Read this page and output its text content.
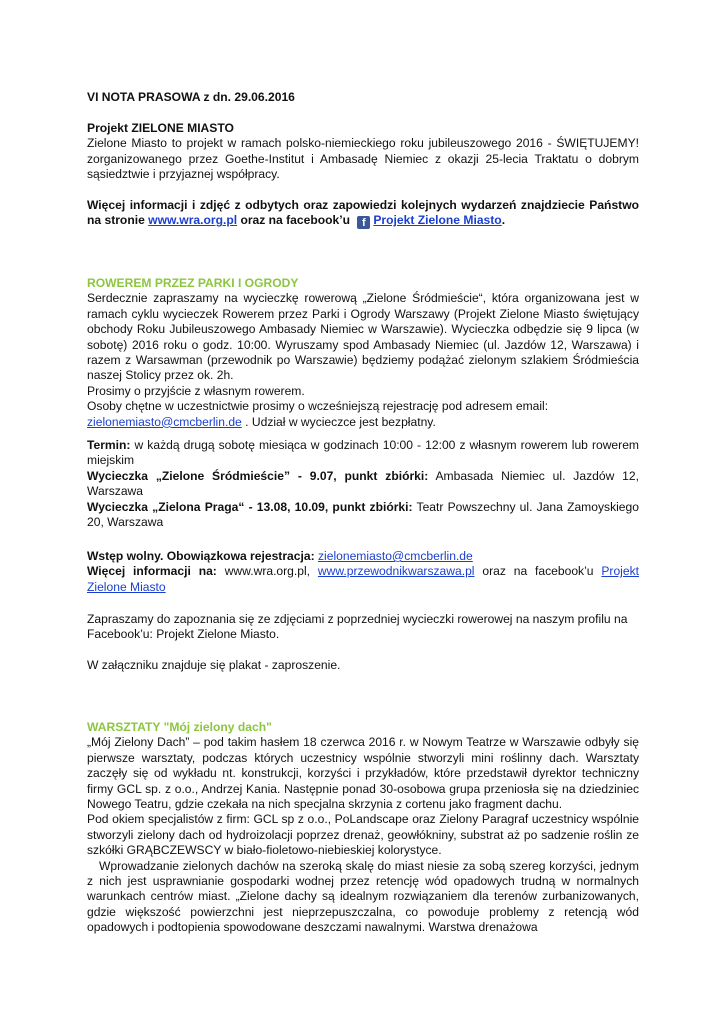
VI NOTA PRASOWA z dn. 29.06.2016

Projekt ZIELONE MIASTO

Zielone Miasto to projekt w ramach polsko-niemieckiego roku jubileuszowego 2016 - ŚWIĘTUJEMY! zorganizowanego przez Goethe-Institut i Ambasadę Niemiec z okazji 25-lecia Traktatu o dobrym sąsiedztwie i przyjaznej współpracy.

Więcej informacji i zdjęć z odbytych oraz zapowiedzi kolejnych wydarzeń znajdziecie Państwo na stronie www.wra.org.pl oraz na facebook’u f Projekt Zielone Miasto.

ROWEREM PRZEZ PARKI I OGRODY

Serdecznie zapraszamy na wycieczkę rowerową „Zielone Śródmieście“, która organizowana jest w ramach cyklu wycieczek Rowerem przez Parki i Ogrody Warszawy (Projekt Zielone Miasto świętujący obchody Roku Jubileuszowego Ambasady Niemiec w Warszawie). Wycieczka odbędzie się 9 lipca (w sobotę) 2016 roku o godz. 10:00. Wyruszamy spod Ambasady Niemiec (ul. Jazdów 12, Warszawa) i razem z Warsawman (przewodnik po Warszawie) będziemy podążać zielonym szlakiem Śródmieścia naszej Stolicy przez ok. 2h.

Prosimy o przyjście z własnym rowerem.

Osoby chętne w uczestnictwie prosimy o wcześniejszą rejestrację pod adresem email:

zielonemiasto@cmcberlin.de . Udział w wycieczce jest bezpłatny.

Termin: w każdą drugą sobotę miesiąca w godzinach 10:00 - 12:00 z własnym rowerem lub rowerem miejskim

Wycieczka „Zielone Śródmieście” - 9.07, punkt zbiórki: Ambasada Niemiec ul. Jazdów 12, Warszawa

Wycieczka „Zielona Praga“ - 13.08, 10.09, punkt zbiórki: Teatr Powszechny ul. Jana Zamoyskiego 20, Warszawa

Wstęp wolny. Obowiązkowa rejestracja: zielonemiasto@cmcberlin.de

Więcej informacji na: www.wra.org.pl, www.przewodnikwarszawa.pl oraz na facebook’u Projekt Zielone Miasto

Zapraszamy do zapoznania się ze zdjęciami z poprzedniej wycieczki rowerowej na naszym profilu na Facebook’u: Projekt Zielone Miasto.

W załączniku znajduje się plakat - zaproszenie.

WARSZTATY "Mój zielony dach"

„Mój Zielony Dach” – pod takim hasłem 18 czerwca 2016 r. w Nowym Teatrze w Warszawie odbyły się pierwsze warsztaty, podczas których uczestnicy wspólnie stworzyli mini roślinny dach. Warsztaty zaczęły się od wykładu nt. konstrukcji, korzyści i przykładów, które przedstawił dyrektor techniczny firmy GCL sp. z o.o., Andrzej Kania. Następnie ponad 30-osobowa grupa przeniosła się na dziedziniec Nowego Teatru, gdzie czekała na nich specjalna skrzynia z cortenu jako fragment dachu.

Pod okiem specjalistów z firm: GCL sp z o.o., PoLandscape oraz Zielony Paragraf uczestnicy wspólnie stworzyli zielony dach od hydroizolacji poprzez drenaż, geowłókniny, substrat aż po sadzenie roślin ze szkółki GRĄBCZEWSCY w biało-fioletowo-niebieskiej kolorystyce.

Wprowadzanie zielonych dachów na szeroką skalę do miast niesie za sobą szereg korzyści, jednym z nich jest usprawnianie gospodarki wodnej przez retencję wód opadowych trudną w normalnych warunkach centrów miast. „Zielone dachy są idealnym rozwiązaniem dla terenów zurbanizowanych, gdzie większość powierzchni jest nieprzepuszczalna, co powoduje problemy z retencją wód opadowych i podtopienia spowodowane deszczami nawalnymi. Warstwa drenażowa
